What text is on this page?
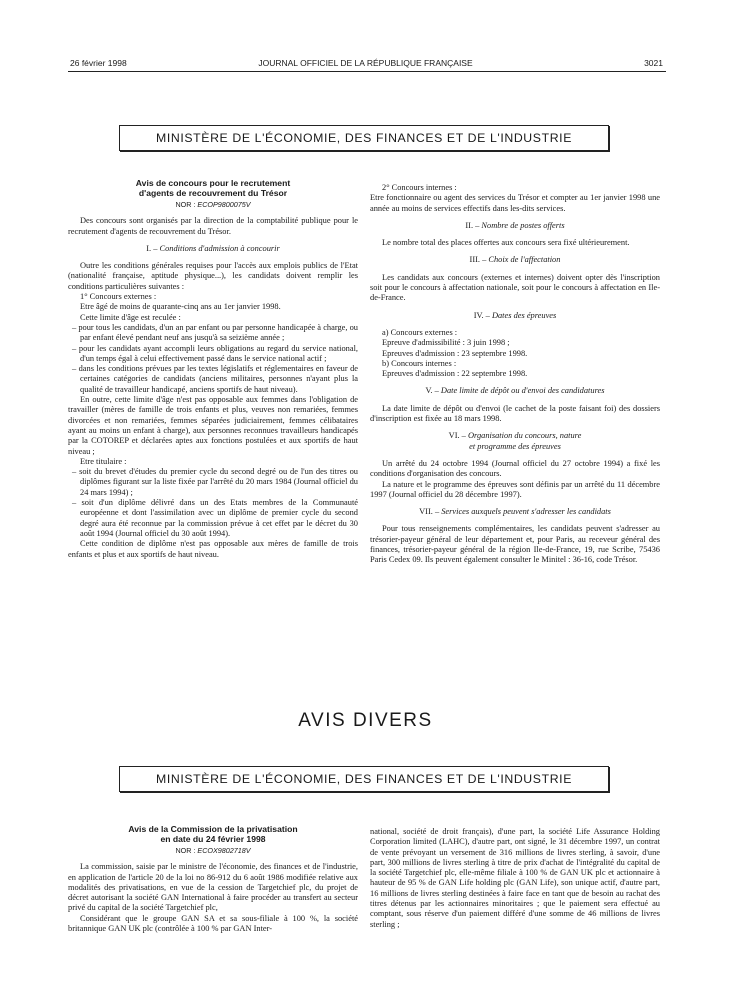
26 février 1998	JOURNAL OFFICIEL DE LA RÉPUBLIQUE FRANÇAISE	3021
MINISTÈRE DE L'ÉCONOMIE, DES FINANCES ET DE L'INDUSTRIE
Avis de concours pour le recrutement
d'agents de recouvrement du Trésor
NOR : ECOP9800075V

Des concours sont organisés par la direction de la comptabilité publique pour le recrutement d'agents de recouvrement du Trésor.

I. – Conditions d'admission à concourir

Outre les conditions générales requises pour l'accès aux emplois publics de l'Etat (nationalité française, aptitude physique...), les candidats doivent remplir les conditions particulières suivantes :

1° Concours externes :

Etre âgé de moins de quarante-cinq ans au 1er janvier 1998.

Cette limite d'âge est reculée :

– pour tous les candidats, d'un an par enfant ou par personne handicapée à charge, ou par enfant élevé pendant neuf ans jusqu'à sa seizième année ;

– pour les candidats ayant accompli leurs obligations au regard du service national, d'un temps égal à celui effectivement passé dans le service national actif ;

– dans les conditions prévues par les textes législatifs et réglementaires en faveur de certaines catégories de candidats (anciens militaires, personnes n'ayant plus la qualité de travailleur handicapé, anciens sportifs de haut niveau).

En outre, cette limite d'âge n'est pas opposable aux femmes dans l'obligation de travailler (mères de famille de trois enfants et plus, veuves non remariées, femmes divorcées et non remariées, femmes séparées judiciairement, femmes célibataires ayant au moins un enfant à charge), aux personnes reconnues travailleurs handicapés par la COTOREP et déclarées aptes aux fonctions postulées et aux sportifs de haut niveau ;

Etre titulaire :

– soit du brevet d'études du premier cycle du second degré ou de l'un des titres ou diplômes figurant sur la liste fixée par l'arrêté du 20 mars 1984 (Journal officiel du 24 mars 1994) ;

– soit d'un diplôme délivré dans un des Etats membres de la Communauté européenne et dont l'assimilation avec un diplôme de premier cycle du second degré aura été reconnue par la commission prévue à cet effet par le décret du 30 août 1994 (Journal officiel du 30 août 1994).

Cette condition de diplôme n'est pas opposable aux mères de famille de trois enfants et plus et aux sportifs de haut niveau.

2° Concours internes :

Etre fonctionnaire ou agent des services du Trésor et compter au 1er janvier 1998 une année au moins de services effectifs dans les-dits services.

II. – Nombre de postes offerts

Le nombre total des places offertes aux concours sera fixé ultérieurement.

III. – Choix de l'affectation

Les candidats aux concours (externes et internes) doivent opter dès l'inscription soit pour le concours à affectation nationale, soit pour le concours à affectation en Ile-de-France.

IV. – Dates des épreuves

a) Concours externes :

Epreuve d'admissibilité : 3 juin 1998 ;

Epreuves d'admission : 23 septembre 1998.

b) Concours internes :

Epreuves d'admission : 22 septembre 1998.

V. – Date limite de dépôt ou d'envoi des candidatures

La date limite de dépôt ou d'envoi (le cachet de la poste faisant foi) des dossiers d'inscription est fixée au 18 mars 1998.

VI. – Organisation du concours, nature
et programme des épreuves

Un arrêté du 24 octobre 1994 (Journal officiel du 27 octobre 1994) a fixé les conditions d'organisation des concours.

La nature et le programme des épreuves sont définis par un arrêté du 11 décembre 1997 (Journal officiel du 28 décembre 1997).

VII. – Services auxquels peuvent s'adresser les candidats

Pour tous renseignements complémentaires, les candidats peuvent s'adresser au trésorier-payeur général de leur département et, pour Paris, au receveur général des finances, trésorier-payeur général de la région Ile-de-France, 19, rue Scribe, 75436 Paris Cedex 09. Ils peuvent également consulter le Minitel : 36-16, code Trésor.

AVIS DIVERS
MINISTÈRE DE L'ÉCONOMIE, DES FINANCES ET DE L'INDUSTRIE
Avis de la Commission de la privatisation
en date du 24 février 1998
NOR : ECOX9802718V

La commission, saisie par le ministre de l'économie, des finances et de l'industrie, en application de l'article 20 de la loi no 86-912 du 6 août 1986 modifiée relative aux modalités des privatisations, en vue de la cession de Targetchief plc, du projet de décret autorisant la société GAN International à faire procéder au transfert au secteur privé du capital de la société Targetchief plc,

Considérant que le groupe GAN SA et sa sous-filiale à 100 %, la société britannique GAN UK plc (contrôlée à 100 % par GAN Inter-

national, société de droit français), d'une part, la société Life Assurance Holding Corporation limited (LAHC), d'autre part, ont signé, le 31 décembre 1997, un contrat de vente prévoyant un versement de 316 millions de livres sterling, à savoir, d'une part, 300 millions de livres sterling à titre de prix d'achat de l'intégralité du capital de la société Targetchief plc, elle-même filiale à 100 % de GAN UK plc et actionnaire à hauteur de 95 % de GAN Life holding plc (GAN Life), son unique actif, d'autre part, 16 millions de livres sterling destinées à faire face en tant que de besoin au rachat des titres détenus par les actionnaires minoritaires ; que le paiement sera effectué au comptant, sous réserve d'un paiement différé d'une somme de 46 millions de livres sterling ;
